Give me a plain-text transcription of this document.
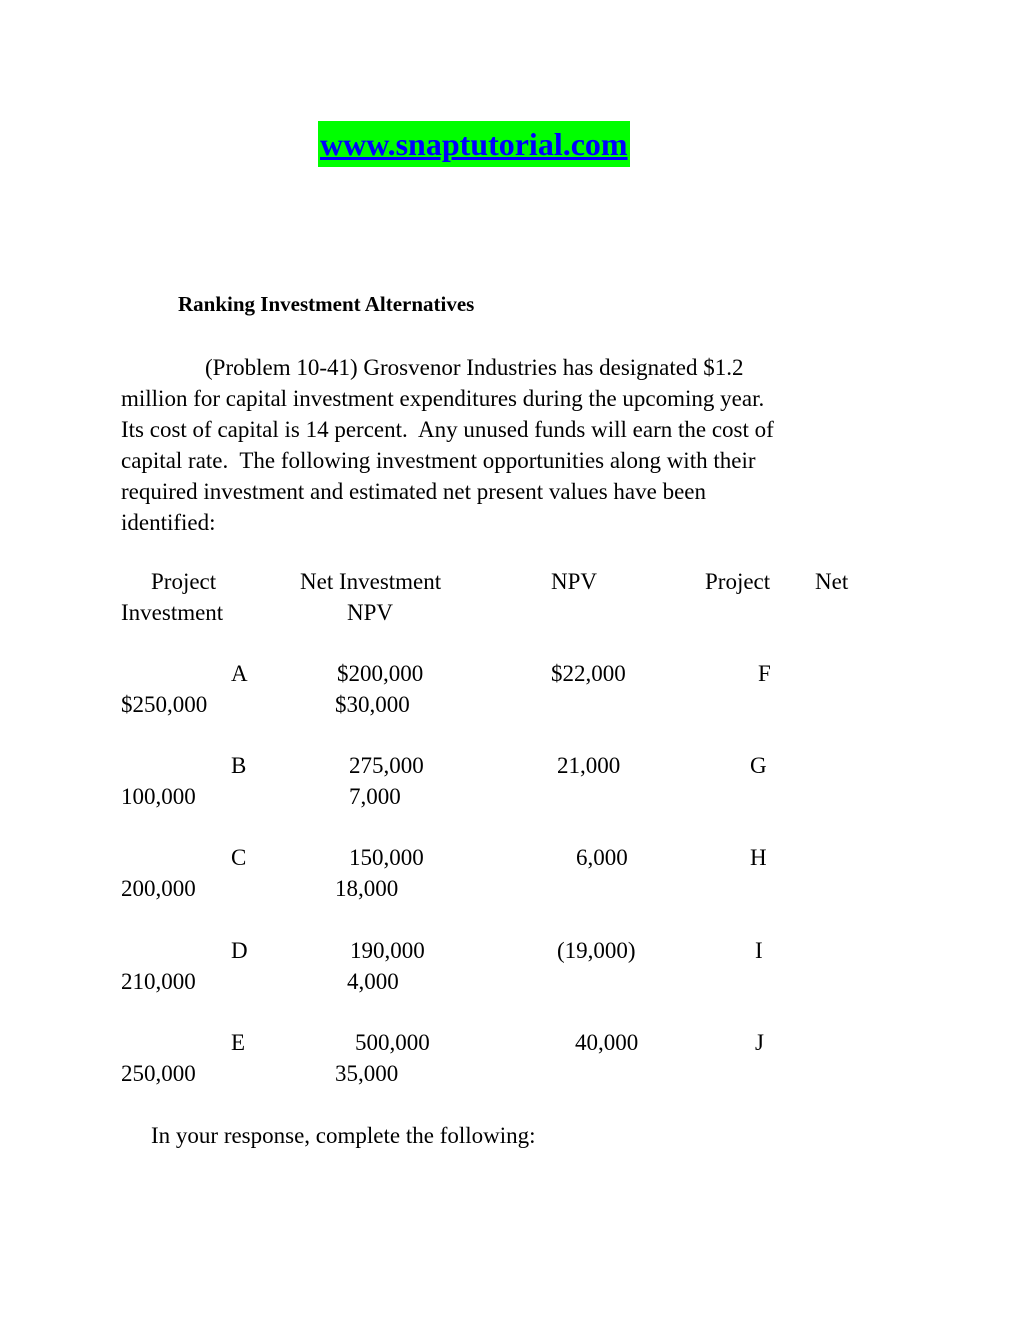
www.snaptutorial.com
Ranking Investment Alternatives
(Problem 10-41) Grosvenor Industries has designated $1.2
million for capital investment expenditures during the upcoming year.
Its cost of capital is 14 percent.  Any unused funds will earn the cost of
capital rate.  The following investment opportunities along with their
required investment and estimated net present values have been
identified:
Project	Net Investment	NPV	Project Net
Investment	NPV
A	$200,000	$22,000	F
$250,000	$30,000
B	275,000	21,000	G
100,000	7,000
C	150,000	6,000	H
200,000	18,000
D	190,000	(19,000)	I
210,000	4,000
E	500,000	40,000	J
250,000	35,000
In your response, complete the following:
